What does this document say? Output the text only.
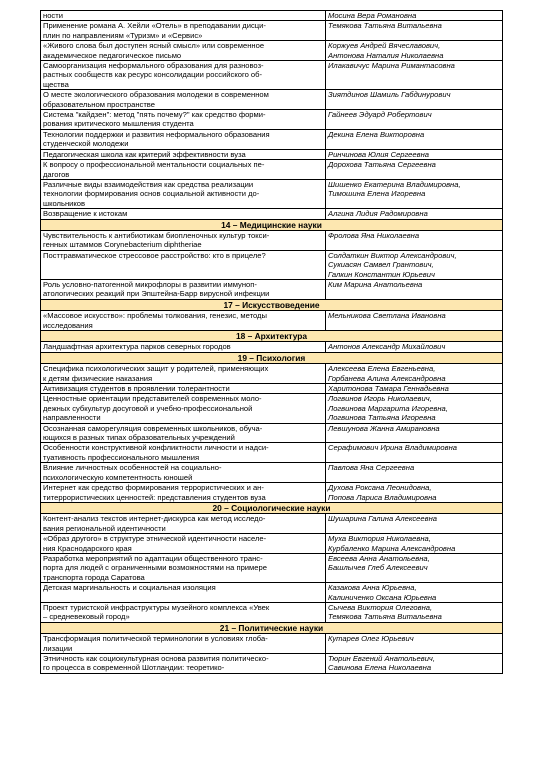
ности	Мосина Вера Романовна

Применение романа А. Хейли «Отель» в преподавании дисци-
плин по направлениям «Туризм» и «Сервис»	Темякова Татьяна Витальевна

«Живого слова был доступен ясный смысл» или современное
академическое педагогическое письмо	Коржуев Андрей Вячеславович,
Антонова Наталия Николаевна

Самоорганизация неформального образования для разновоз-
растных сообществ как ресурс консолидации российского об-
щества	Илакавичус Марина Римантасовна

О месте экологического образования молодежи в современном
образовательном пространстве	Зиятдинов Шамиль Габдинурович

Система "кайдзен": метод "пять почему?" как средство форми-
рования критического мышления студента	Гайнеев Эдуард Робертович

Технологии поддержки и развития неформального образования
студенческой молодежи	Декина Елена Викторовна

Педагогическая школа как критерий эффективности вуза	Ринчинова Юлия Сергеевна

К вопросу о профессиональной ментальности социальных пе-
дагогов	Дорохова Татьяна Сергеевна

Различные виды взаимодействия как средства реализации
технологии формирования основ социальной активности до-
школьников	Шишенко Екатерина Владимировна,
Тимошина Елена Игоревна

Возвращение к истокам	Алгина Лидия Радомировна

14 – Медицинские науки	

Чувствительность к антибиотикам биопленочных культур токси-
генных штаммов Corynebacterium diphtheriae	Фролова Яна Николаевна

Посттравматическое стрессовое расстройство: кто в прицеле?	Солдаткин Виктор Александрович,
Сукиасян Самвел Грантович,
Галкин Константин Юрьевич

Роль условно-патогенной микрофлоры в развитии иммуноп-
атологических реакций при Эпштейна-Барр вирусной инфекции	Ким Марина Анатольевна

17 – Искусствоведение	

«Массовое искусство»: проблемы толкования, генезис, методы
исследования	Мельникова Светлана Ивановна

18 – Архитектура	

Ландшафтная архитектура парков северных городов	Антонов Александр Михайлович

19 – Психология	

Специфика психологических защит у родителей, применяющих
к детям физические наказания	Алексеева Елена Евгеньевна,
Горбанева Алина Александровна

Активизация студентов в проявлении толерантности	Харитонова Тамара Геннадьевна

Ценностные ориентации представителей современных моло-
дежных субкультур досуговой и учебно-профессиональной
направленности	Логвинов Игорь Николаевич,
Логвинова Маргарита Игоревна,
Логвинова Татьяна Игоревна

Осознанная саморегуляция современных школьников, обуча-
ющихся в разных типах образовательных учреждений	Левшунова Жанна Амирановна

Особенности конструктивной конфликтности личности и надси-
туативность профессионального мышления	Серафимович Ирина Владимировна

Влияние личностных особенностей на социально-
психологическую компетентность юношей	Павлова Яна Сергеевна

Интернет как средство формирования террористических и ан-
титеррористических ценностей: представления студентов вуза	Духова Роксана Леонидовна,
Попова Лариса Владимировна

20 – Социологические науки	

Контент-анализ текстов интернет-дискурса как метод исследо-
вания региональной идентичности	Шушарина Галина Алексеевна

«Образ другого» в структуре этнической идентичности населе-
ния Краснодарского края	Муха Виктория Николаевна,
Курбаленко Марина Александровна

Разработка мероприятий по адаптации общественного транс-
порта для людей с ограниченными возможностями на примере
транспорта города Саратова	Евсеева Анна Анатольевна,
Башлычев Глеб Алексеевич

Детская маргинальность и социальная изоляция	Казакова Анна Юрьевна,
Калиниченко Оксана Юрьевна

Проект туристской инфраструктуры музейного комплекса «Увек
– средневековый город»	Сычева Виктория Олеговна,
Темякова Татьяна Витальевна

21 – Политические науки	

Трансформация политической терминологии в условиях глоба-
лизации	Кутарев Олег Юрьевич

Этничность как социокультурная основа развития политическо-
го процесса в современной Шотландии: теоретико-	Тюрин Евгений Анатольевич,
Савинова Елена Николаевна
